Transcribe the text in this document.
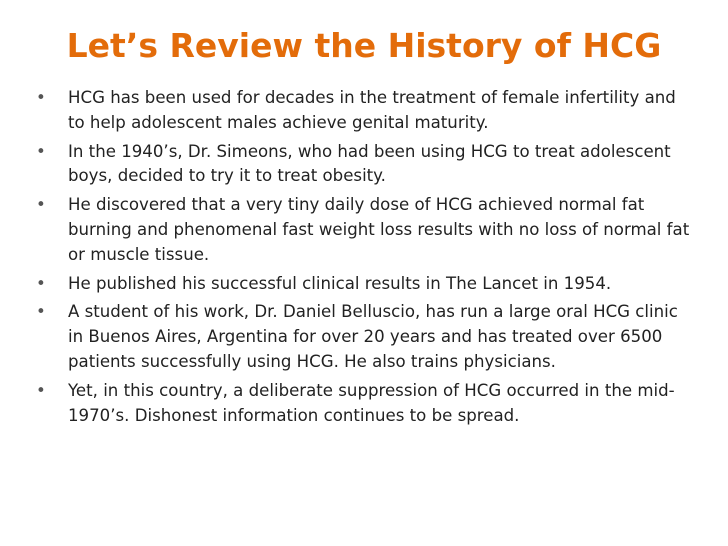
Let’s Review the History of HCG
•	HCG has been used for decades in the treatment of female infertility and to help adolescent males achieve genital maturity.
•	In the 1940’s, Dr. Simeons, who had been using HCG to treat adolescent boys, decided to try it to treat obesity.
•	He discovered that a very tiny daily dose of HCG achieved normal fat burning and phenomenal fast weight loss results with no loss of normal fat or muscle tissue.
•	He published his successful clinical results in The Lancet in 1954.
•	A student of his work, Dr. Daniel Belluscio, has run a large oral HCG clinic in Buenos Aires, Argentina for over 20 years and has treated over 6500 patients successfully using HCG. He also trains physicians.
•	Yet, in this country, a deliberate suppression of HCG occurred in the mid-1970’s. Dishonest information continues to be spread.
